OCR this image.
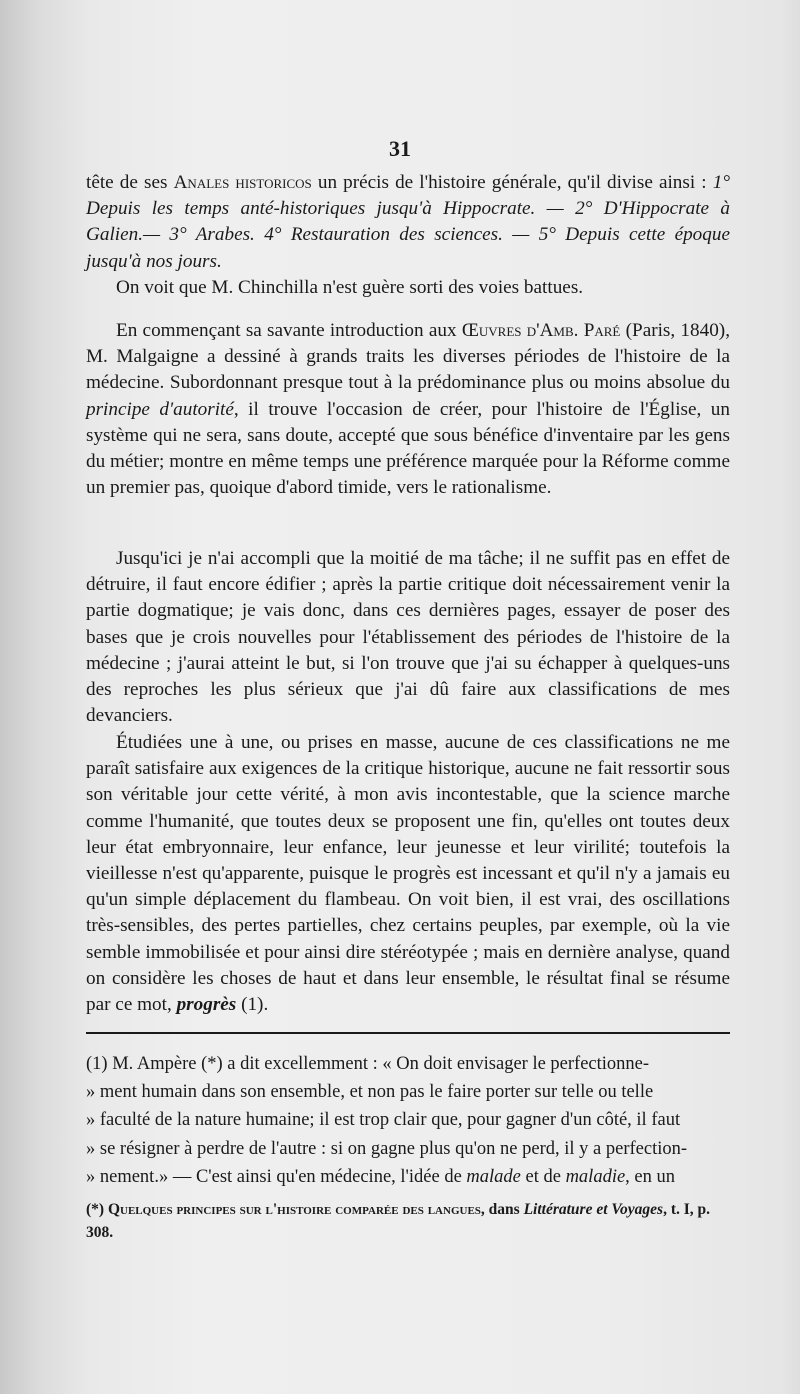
31

tête de ses Anales historicos un précis de l'histoire générale, qu'il divise ainsi : 1° Depuis les temps anté-historiques jusqu'à Hippocrate. — 2° D'Hippocrate à Galien.— 3° Arabes. 4° Restauration des sciences. — 5° Depuis cette époque jusqu'à nos jours.

On voit que M. Chinchilla n'est guère sorti des voies battues.

En commençant sa savante introduction aux Œuvres d'Amb. Paré (Paris, 1840), M. Malgaigne a dessiné à grands traits les diverses périodes de l'histoire de la médecine. Subordonnant presque tout à la prédominance plus ou moins absolue du principe d'autorité, il trouve l'occasion de créer, pour l'histoire de l'Église, un système qui ne sera, sans doute, accepté que sous bénéfice d'inventaire par les gens du métier; montre en même temps une préférence marquée pour la Réforme comme un premier pas, quoique d'abord timide, vers le rationalisme.

Jusqu'ici je n'ai accompli que la moitié de ma tâche; il ne suffit pas en effet de détruire, il faut encore édifier ; après la partie critique doit nécessairement venir la partie dogmatique; je vais donc, dans ces dernières pages, essayer de poser des bases que je crois nouvelles pour l'établissement des périodes de l'histoire de la médecine ; j'aurai atteint le but, si l'on trouve que j'ai su échapper à quelques-uns des reproches les plus sérieux que j'ai dû faire aux classifications de mes devanciers.

Étudiées une à une, ou prises en masse, aucune de ces classifications ne me paraît satisfaire aux exigences de la critique historique, aucune ne fait ressortir sous son véritable jour cette vérité, à mon avis incontestable, que la science marche comme l'humanité, que toutes deux se proposent une fin, qu'elles ont toutes deux leur état embryonnaire, leur enfance, leur jeunesse et leur virilité; toutefois la vieillesse n'est qu'apparente, puisque le progrès est incessant et qu'il n'y a jamais eu qu'un simple déplacement du flambeau. On voit bien, il est vrai, des oscillations très-sensibles, des pertes partielles, chez certains peuples, par exemple, où la vie semble immobilisée et pour ainsi dire stéréotypée ; mais en dernière analyse, quand on considère les choses de haut et dans leur ensemble, le résultat final se résume par ce mot, progrès (1).

(1) M. Ampère (*) a dit excellemment : « On doit envisager le perfectionne-
» ment humain dans son ensemble, et non pas le faire porter sur telle ou telle
» faculté de la nature humaine; il est trop clair que, pour gagner d'un côté, il faut
» se résigner à perdre de l'autre : si on gagne plus qu'on ne perd, il y a perfection-
» nement.» — C'est ainsi qu'en médecine, l'idée de malade et de maladie, en un
(*) Quelques principes sur l'histoire comparée des langues, dans Littérature et Voyages, t. I, p. 308.
